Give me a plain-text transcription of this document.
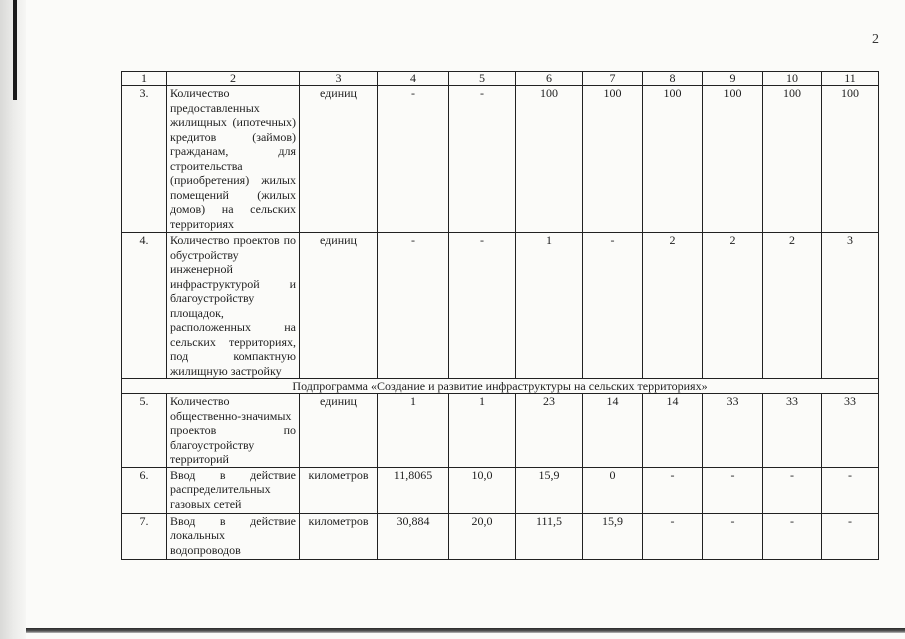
2
1	2	3	4	5	6	7	8	9	10	11
3.	Количество предоставленных жилищных (ипотечных) кредитов (займов) гражданам, для строительства (приобретения) жилых помещений (жилых домов) на сельских территориях	единиц	-	-	100	100	100	100	100	100
4.	Количество проектов по обустройству инженерной инфраструктурой и благоустройству площадок, расположенных на сельских территориях, под компактную жилищную застройку	единиц	-	-	1	-	2	2	2	3
Подпрограмма «Создание и развитие инфраструктуры на сельских территориях»										
5.	Количество общественно-значимых проектов по благоустройству территорий	единиц	1	1	23	14	14	33	33	33
6.	Ввод в действие распределительных газовых сетей	километров	11,8065	10,0	15,9	0	-	-	-	-
7.	Ввод в действие локальных водопроводов	километров	30,884	20,0	111,5	15,9	-	-	-	-
